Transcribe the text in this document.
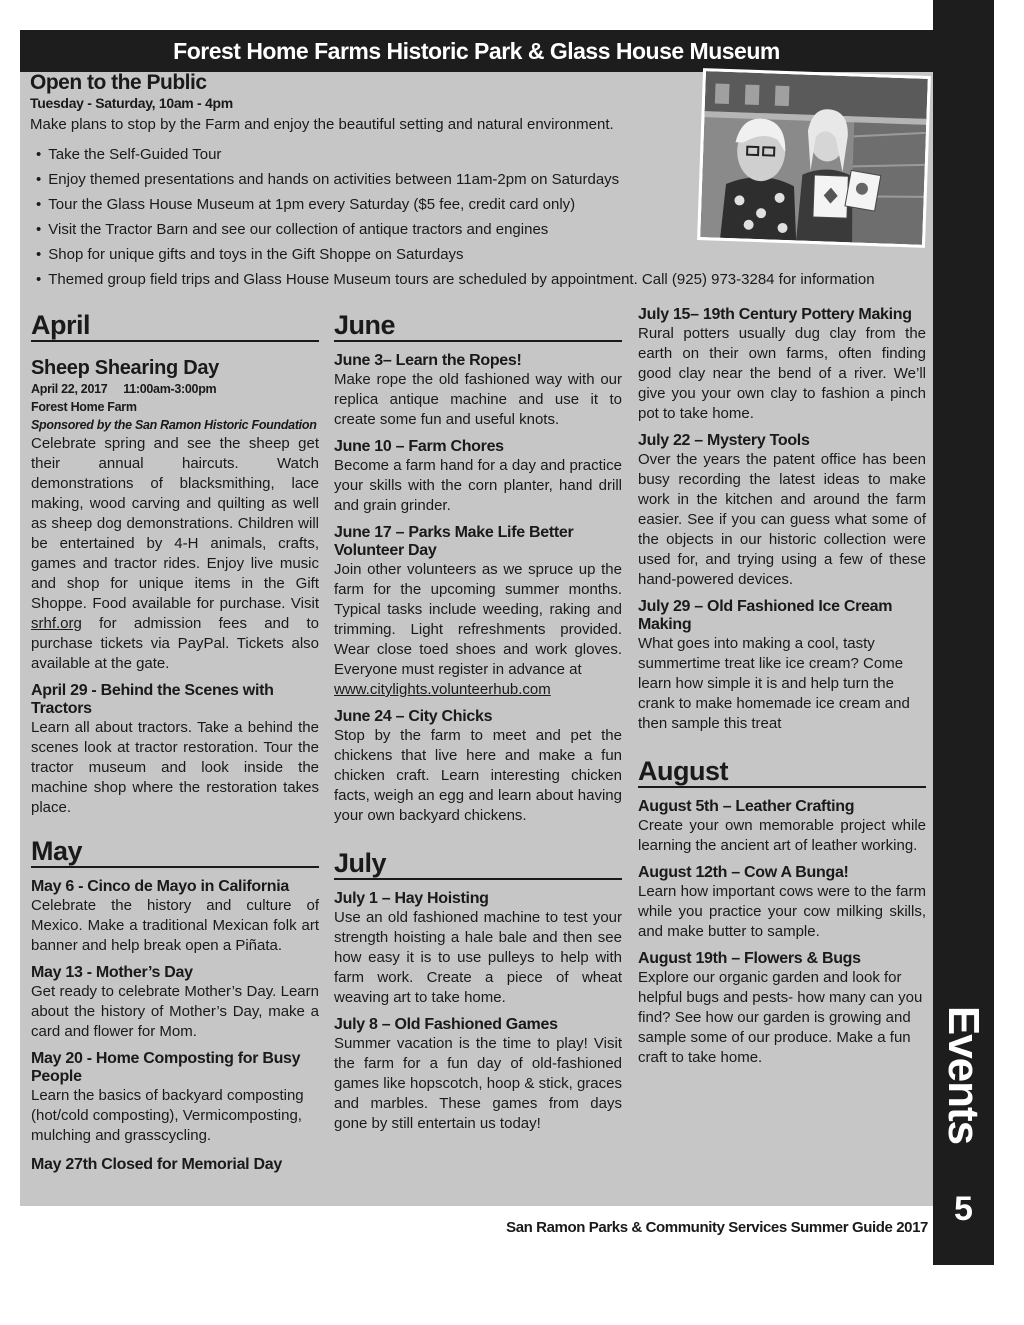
Events
5
Forest Home Farms Historic Park & Glass House Museum
Open to the Public
Tuesday - Saturday, 10am - 4pm
Make plans to stop by the Farm and enjoy the beautiful setting and natural environment.
• Take the Self-Guided Tour
• Enjoy themed presentations and hands on activities between 11am-2pm on Saturdays
• Tour the Glass House Museum at 1pm every Saturday ($5 fee, credit card only)
• Visit the Tractor Barn and see our collection of antique tractors and engines
• Shop for unique gifts and toys in the Gift Shoppe on Saturdays
• Themed group field trips and Glass House Museum tours are scheduled by appointment. Call (925) 973-3284 for information
April
Sheep Shearing Day
April 22, 2017     11:00am-3:00pm
Forest Home Farm
Sponsored by the San Ramon Historic Foundation
Celebrate spring and see the sheep get their annual haircuts. Watch demonstrations of blacksmithing, lace making, wood carving and quilting as well as sheep dog demonstrations. Children will be entertained by 4-H animals, crafts, games and tractor rides. Enjoy live music and shop for unique items in the Gift Shoppe. Food available for purchase. Visit srhf.org for admission fees and to purchase tickets via PayPal. Tickets also available at the gate.
April 29 - Behind the Scenes with Tractors
Learn all about tractors. Take a behind the scenes look at tractor restoration. Tour the tractor museum and look inside the machine shop where the restoration takes place.
May
May 6 - Cinco de Mayo in California
Celebrate the history and culture of Mexico. Make a traditional Mexican folk art banner and help break open a Piñata.
May 13 - Mother’s Day
Get ready to celebrate Mother’s Day. Learn about the history of Mother’s Day, make a card and flower for Mom.
May 20 - Home Composting for Busy People
Learn the basics of backyard composting (hot/cold composting), Vermicomposting, mulching and grasscycling.
May 27th Closed for Memorial Day
June
June 3– Learn the Ropes!
Make rope the old fashioned way with our replica antique machine and use it to create some fun and useful knots.
June 10 – Farm Chores
Become a farm hand for a day and practice your skills with the corn planter, hand drill and grain grinder.
June 17 – Parks Make Life Better Volunteer Day
Join other volunteers as we spruce up the farm for the upcoming summer months. Typical tasks include weeding, raking and trimming. Light refreshments provided. Wear close toed shoes and work gloves. Everyone must register in advance at
www.citylights.volunteerhub.com
June 24 – City Chicks
Stop by the farm to meet and pet the chickens that live here and make a fun chicken craft. Learn interesting chicken facts, weigh an egg and learn about having your own backyard chickens.
July
July 1 – Hay Hoisting
Use an old fashioned machine to test your strength hoisting a hale bale and then see how easy it is to use pulleys to help with farm work. Create a piece of wheat weaving art to take home.
July 8 – Old Fashioned Games
Summer vacation is the time to play! Visit the farm for a fun day of old-fashioned games like hopscotch, hoop & stick, graces and marbles. These games from days gone by still entertain us today!
July 15– 19th Century Pottery Making
Rural potters usually dug clay from the earth on their own farms, often finding good clay near the bend of a river. We’ll give you your own clay to fashion a pinch pot to take home.
July 22 – Mystery Tools
Over the years the patent office has been busy recording the latest ideas to make work in the kitchen and around the farm easier. See if you can guess what some of the objects in our historic collection were used for, and trying using a few of these hand-powered devices.
July 29 – Old Fashioned Ice Cream Making
What goes into making a cool, tasty summertime treat like ice cream? Come learn how simple it is and help turn the crank to make homemade ice cream and then sample this treat
August
August 5th – Leather Crafting
Create your own memorable project while learning the ancient art of leather working.
August 12th – Cow A Bunga!
Learn how important cows were to the farm while you practice your cow milking skills, and make butter to sample.
August 19th – Flowers & Bugs
Explore our organic garden and look for helpful bugs and pests- how many can you find? See how our garden is growing and sample some of our produce. Make a fun craft to take home.
San Ramon Parks & Community Services Summer Guide 2017
